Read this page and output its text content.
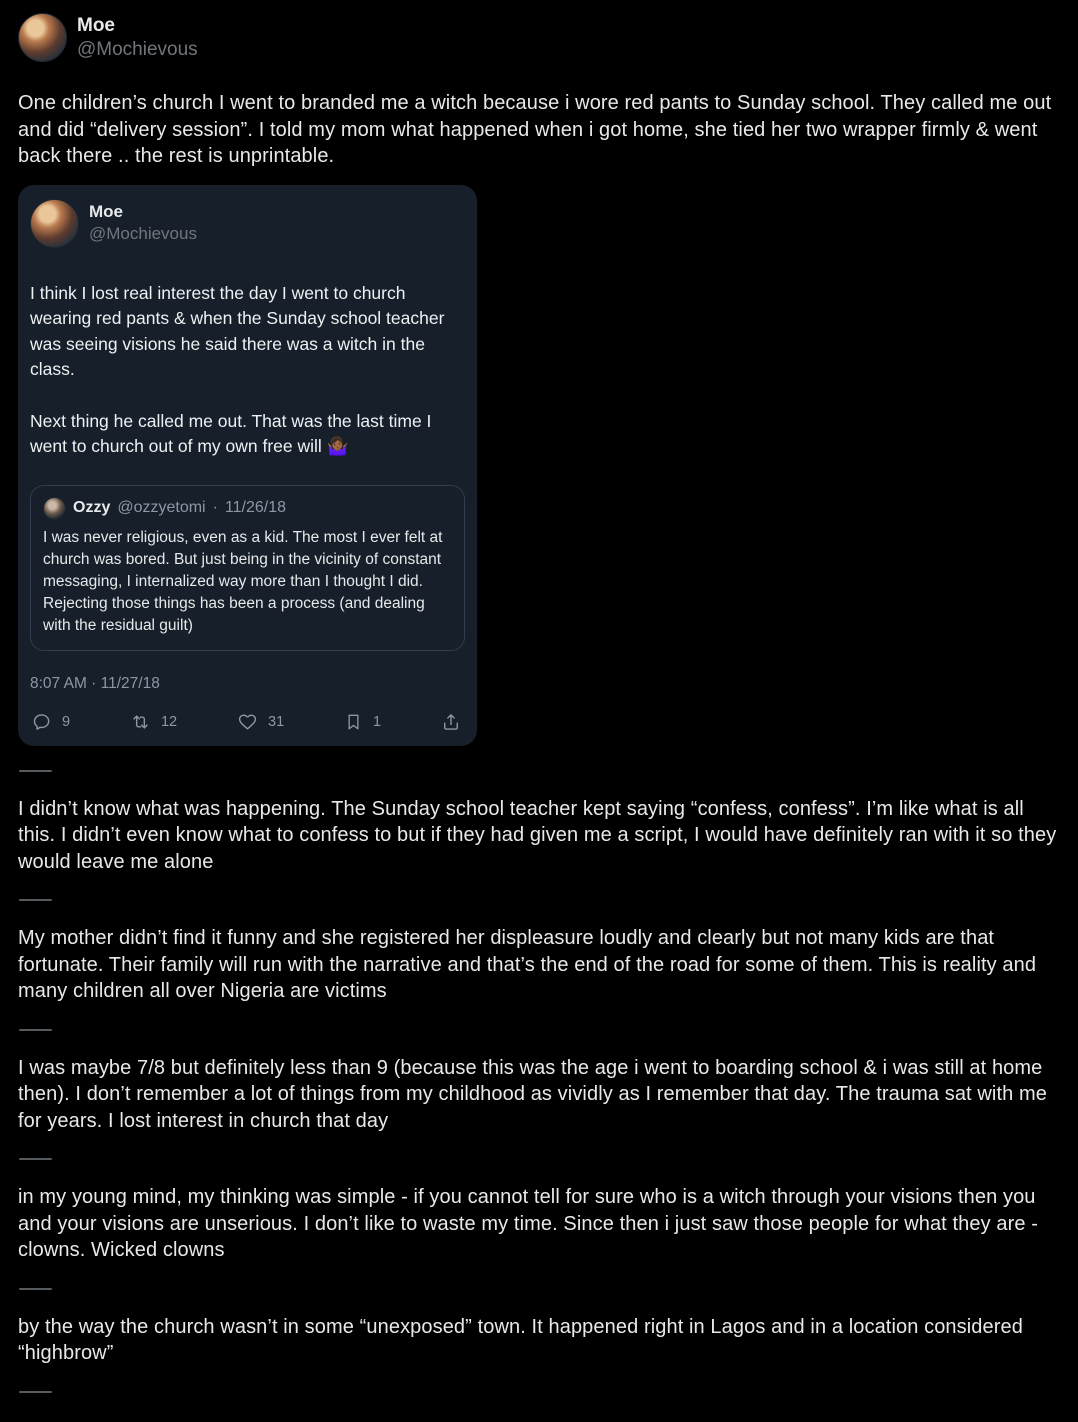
Moe
@Mochievous

One children’s church I went to branded me a witch because i wore red pants to Sunday school. They called me out and did “delivery session”. I told my mom what happened when i got home, she tied her two wrapper firmly & went back there .. the rest is unprintable.

Moe
@Mochievous

I think I lost real interest the day I went to church wearing red pants & when the Sunday school teacher was seeing visions he said there was a witch in the class.

Next thing he called me out. That was the last time I went to church out of my own free will 🤷🏾‍♀️

Ozzy @ozzyetomi · 11/26/18

I was never religious, even as a kid. The most I ever felt at church was bored. But just being in the vicinity of constant messaging, I internalized way more than I thought I did. Rejecting those things has been a process (and dealing with the residual guilt)

8:07 AM · 11/27/18
9	12	31	1

I didn’t know what was happening. The Sunday school teacher kept saying “confess, confess”. I’m like what is all this. I didn’t even know what to confess to but if they had given me a script, I would have definitely ran with it so they would leave me alone

My mother didn’t find it funny and she registered her displeasure loudly and clearly but not many kids are that fortunate. Their family will run with the narrative and that’s the end of the road for some of them. This is reality and many children all over Nigeria are victims

I was maybe 7/8 but definitely less than 9 (because this was the age i went to boarding school & i was still at home then). I don’t remember a lot of things from my childhood as vividly as I remember that day. The trauma sat with me for years. I lost interest in church that day

in my young mind, my thinking was simple - if you cannot tell for sure who is a witch through your visions then you and your visions are unserious. I don’t like to waste my time. Since then i just saw those people for what they are - clowns. Wicked clowns

by the way the church wasn’t in some “unexposed” town. It happened right in Lagos and in a location considered “highbrow”
